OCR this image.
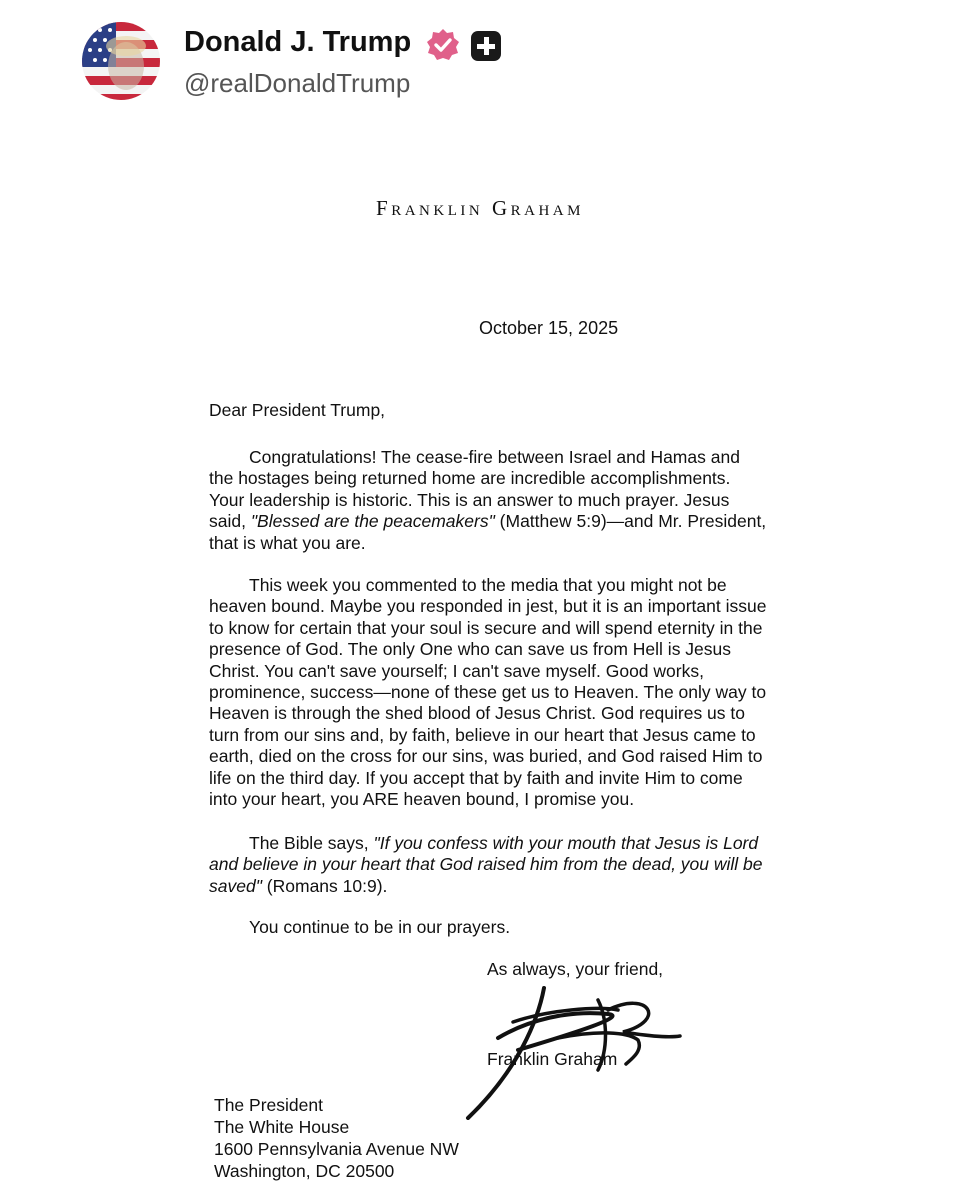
Donald J. Trump
@realDonaldTrump
Franklin Graham
October 15, 2025
Dear President Trump,

Congratulations! The cease-fire between Israel and Hamas and the hostages being returned home are incredible accomplishments. Your leadership is historic. This is an answer to much prayer. Jesus said, "Blessed are the peacemakers" (Matthew 5:9)—and Mr. President, that is what you are.

This week you commented to the media that you might not be heaven bound. Maybe you responded in jest, but it is an important issue to know for certain that your soul is secure and will spend eternity in the presence of God. The only One who can save us from Hell is Jesus Christ. You can't save yourself; I can't save myself. Good works, prominence, success—none of these get us to Heaven. The only way to Heaven is through the shed blood of Jesus Christ. God requires us to turn from our sins and, by faith, believe in our heart that Jesus came to earth, died on the cross for our sins, was buried, and God raised Him to life on the third day. If you accept that by faith and invite Him to come into your heart, you ARE heaven bound, I promise you.

The Bible says, "If you confess with your mouth that Jesus is Lord and believe in your heart that God raised him from the dead, you will be saved" (Romans 10:9).

You continue to be in our prayers.

As always, your friend,
Franklin Graham
The President
The White House
1600 Pennsylvania Avenue NW
Washington, DC 20500
